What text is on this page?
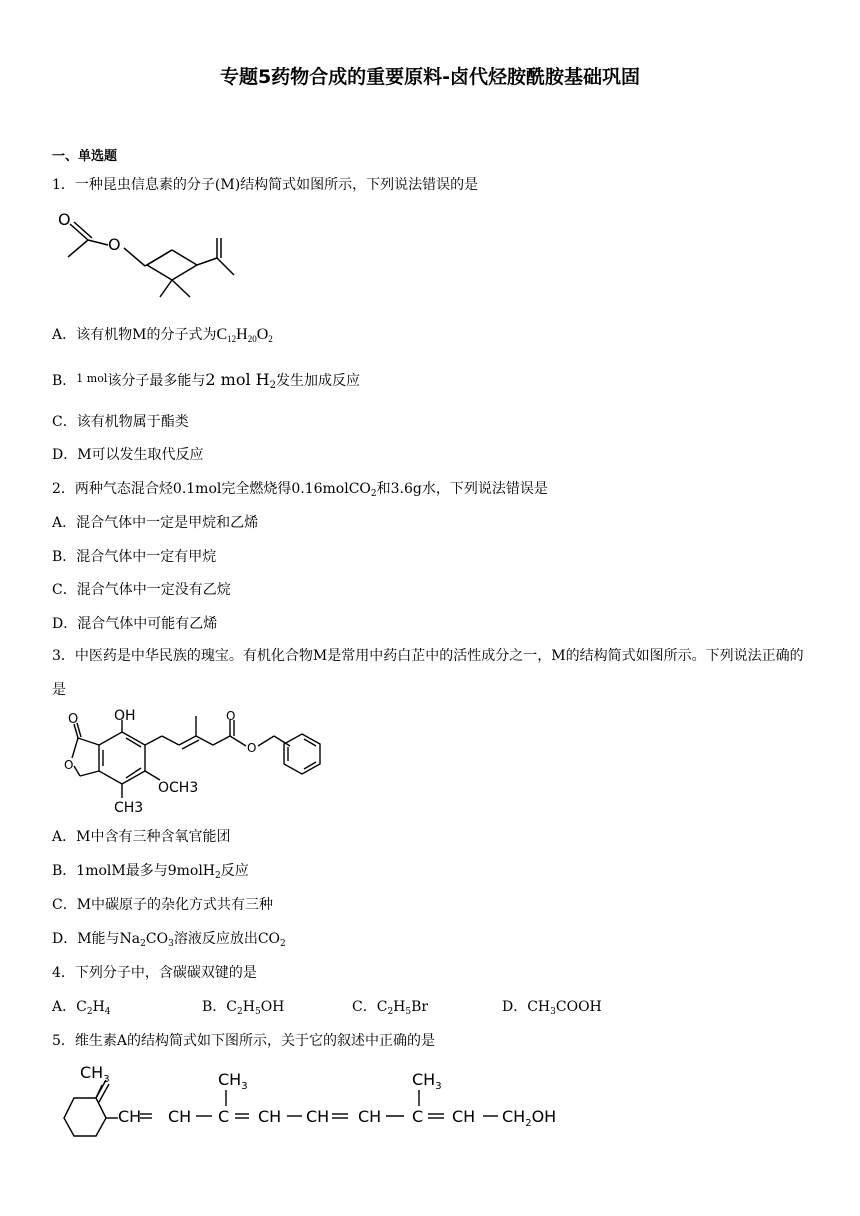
专题5药物合成的重要原料-卤代烃胺酰胺基础巩固
一、单选题
1．一种昆虫信息素的分子(M)结构简式如图所示，下列说法错误的是
O
O
A．该有机物M的分子式为$C_{12}H_{20}O_2$
B．$^{1 mol}$该分子最多能与2 mol $H_2$发生加成反应
C．该有机物属于酯类
D．M可以发生取代反应
2．两种气态混合烃0.1mol完全燃烧得0.16molCO$_2$和3.6g水，下列说法错误是
A．混合气体中一定是甲烷和乙烯
B．混合气体中一定有甲烷
C．混合气体中一定没有乙烷
D．混合气体中可能有乙烯
3．中医药是中华民族的瑰宝。有机化合物M是常用中药白芷中的活性成分之一，M的结构简式如图所示。下列说法正确的是
OH
O
O
OCH3
CH3
O
O
A．M中含有三种含氧官能团
B．1molM最多与9molH$_2$反应
C．M中碳原子的杂化方式共有三种
D．M能与$Na_2CO_3$溶液反应放出$CO_2$
4．下列分子中，含碳碳双键的是
A．$C_2H_4$	B．$C_2H_5OH$	C．$C_2H_5Br$	D．$CH_3COOH$
5．维生素A的结构简式如下图所示，关于它的叙述中正确的是
$CH_3$	$CH_3$	$CH_3$
CH CH C CH CH CH C CH $CH_2OH$
